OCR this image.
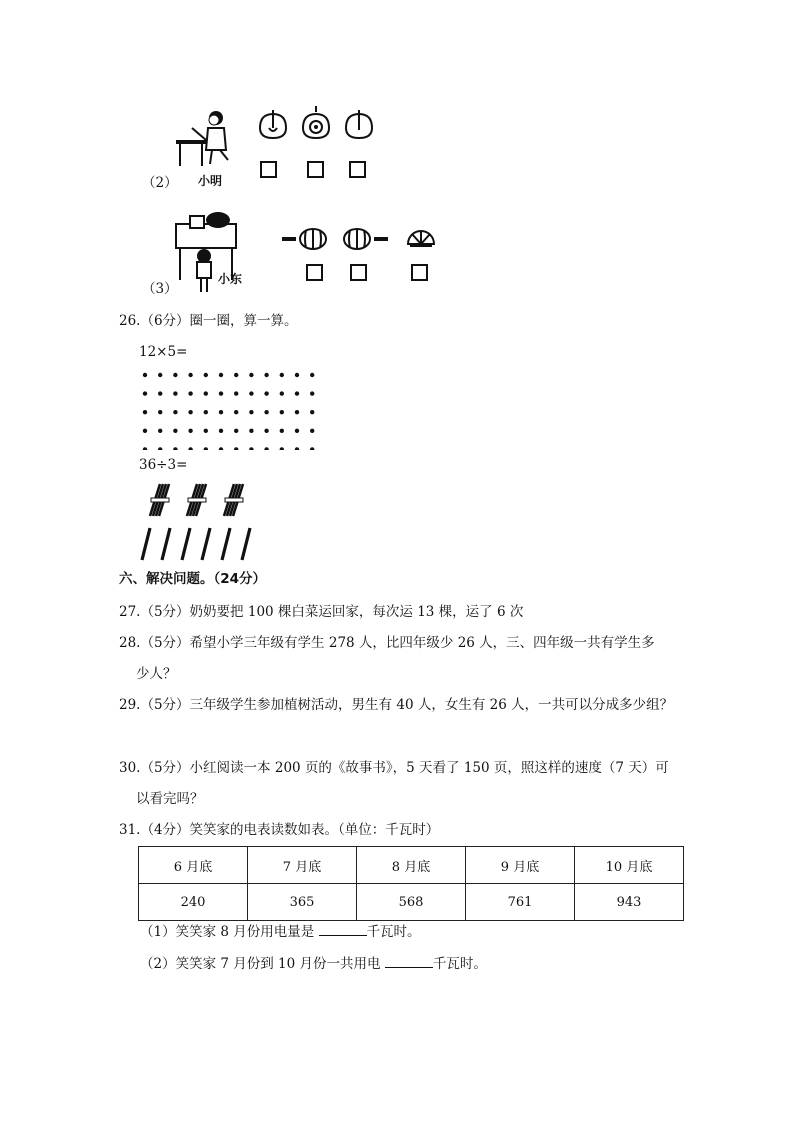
小明
（2）
小东
（3）
26.（6分）圈一圈，算一算。
12×5=
36÷3=
六、解决问题。（24分）
27.（5分）奶奶要把 100 棵白菜运回家，每次运 13 棵，运了 6 次
28.（5分）希望小学三年级有学生 278 人，比四年级少 26 人，三、四年级一共有学生多
少人？
29.（5分）三年级学生参加植树活动，男生有 40 人，女生有 26 人，一共可以分成多少组？
30.（5分）小红阅读一本 200 页的《故事书》，5 天看了 150 页，照这样的速度（7 天）可
以看完吗？
31.（4分）笑笑家的电表读数如表。（单位：千瓦时）
6 月底	7 月底	8 月底	9 月底	10 月底
240	365	568	761	943
（1）笑笑家 8 月份用电量是	千瓦时。
（2）笑笑家 7 月份到 10 月份一共用电	千瓦时。
